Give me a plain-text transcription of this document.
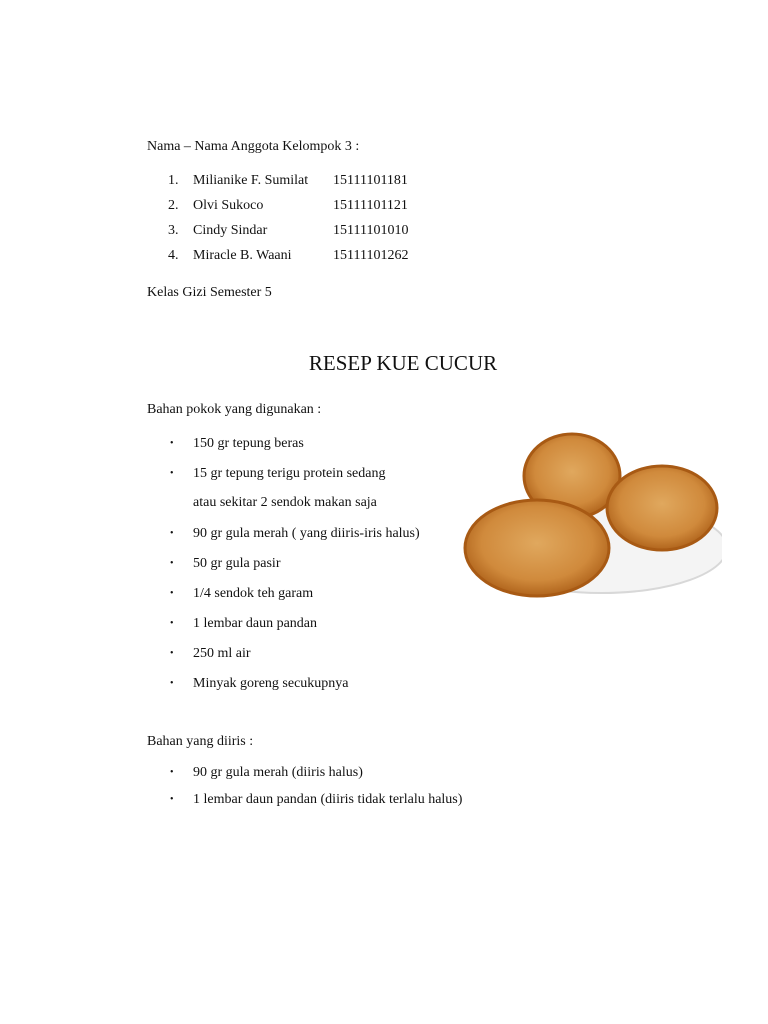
Nama – Nama Anggota Kelompok 3 :
1. Milianike F. Sumilat 15111101181
2. Olvi Sukoco	15111101121
3. Cindy Sindar	15111101010
4. Miracle B. Waani	15111101262
Kelas Gizi Semester 5
RESEP KUE CUCUR
Bahan pokok yang digunakan :
• 150 gr tepung beras
• 15 gr tepung terigu protein sedang
atau sekitar 2 sendok makan saja
• 90 gr gula merah ( yang diiris-iris halus)
• 50 gr gula pasir
• 1/4 sendok teh garam
• 1 lembar daun pandan
• 250 ml air
• Minyak goreng secukupnya
Bahan yang diiris :
• 90 gr gula merah (diiris halus)
• 1 lembar daun pandan (diiris tidak terlalu halus)
